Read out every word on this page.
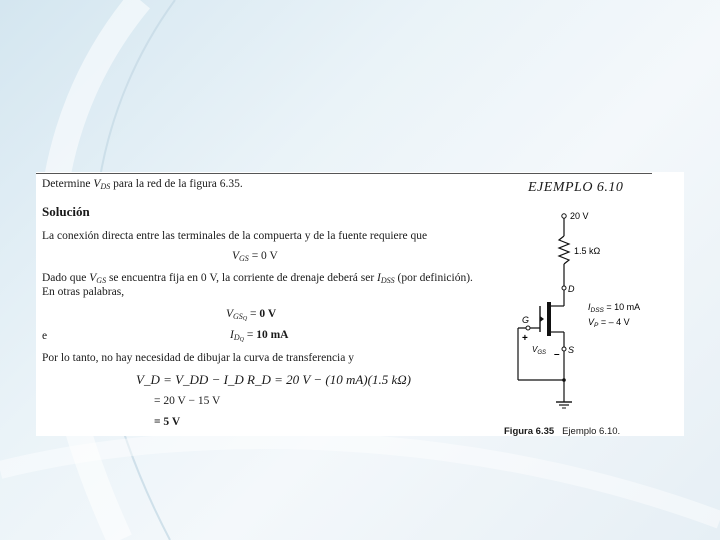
Determine $V_{DS}$ para la red de la figura 6.35.	EJEMPLO 6.10
Solución
La conexión directa entre las terminales de la compuerta y de la fuente requiere que
$V_{GS} = 0$ V
Dado que $V_{GS}$ se encuentra fija en 0 V, la corriente de drenaje deberá ser $I_{DSS}$ (por definición).
En otras palabras,
$V_{GS_Q} = 0$ V
e	$I_{D_Q} = 10$ mA
Por lo tanto, no hay necesidad de dibujar la curva de transferencia y
V_D = V_DD − I_D R_D = 20 V − (10 mA)(1.5 kΩ)
= 20 V − 15 V
= 5 V
20 V
1.5 kΩ
D
G
+
$V_{GS}$ – S
$I_{DSS} = 10$ mA
$V_P$ = – 4 V
Figura 6.35 Ejemplo 6.10.
